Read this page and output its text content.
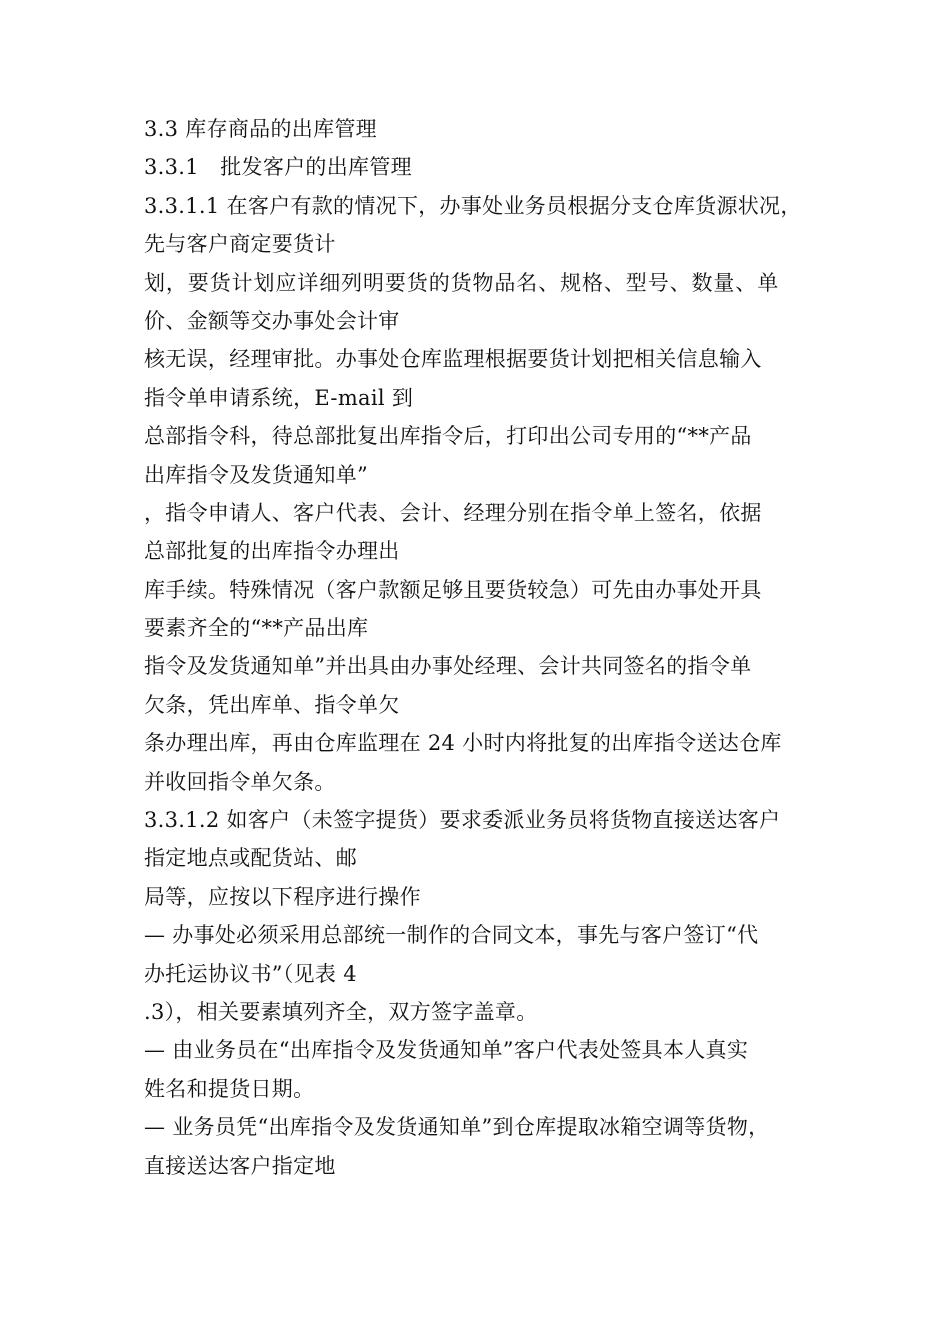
3.3 库存商品的出库管理
3.3.1　批发客户的出库管理
3.3.1.1 在客户有款的情况下，办事处业务员根据分支仓库货源状况，
先与客户商定要货计
划，要货计划应详细列明要货的货物品名、规格、型号、数量、单
价、金额等交办事处会计审
核无误，经理审批。办事处仓库监理根据要货计划把相关信息输入
指令单申请系统，E-mail 到
总部指令科，待总部批复出库指令后，打印出公司专用的“**产品
出库指令及发货通知单”
，指令申请人、客户代表、会计、经理分别在指令单上签名，依据
总部批复的出库指令办理出
库手续。特殊情况（客户款额足够且要货较急）可先由办事处开具
要素齐全的“**产品出库
指令及发货通知单”并出具由办事处经理、会计共同签名的指令单
欠条，凭出库单、指令单欠
条办理出库，再由仓库监理在 24 小时内将批复的出库指令送达仓库
并收回指令单欠条。
3.3.1.2 如客户（未签字提货）要求委派业务员将货物直接送达客户
指定地点或配货站、邮
局等，应按以下程序进行操作
— 办事处必须采用总部统一制作的合同文本，事先与客户签订“代
办托运协议书”（见表 4
.3），相关要素填列齐全，双方签字盖章。
— 由业务员在“出库指令及发货通知单”客户代表处签具本人真实
姓名和提货日期。
— 业务员凭“出库指令及发货通知单”到仓库提取冰箱空调等货物，
直接送达客户指定地
